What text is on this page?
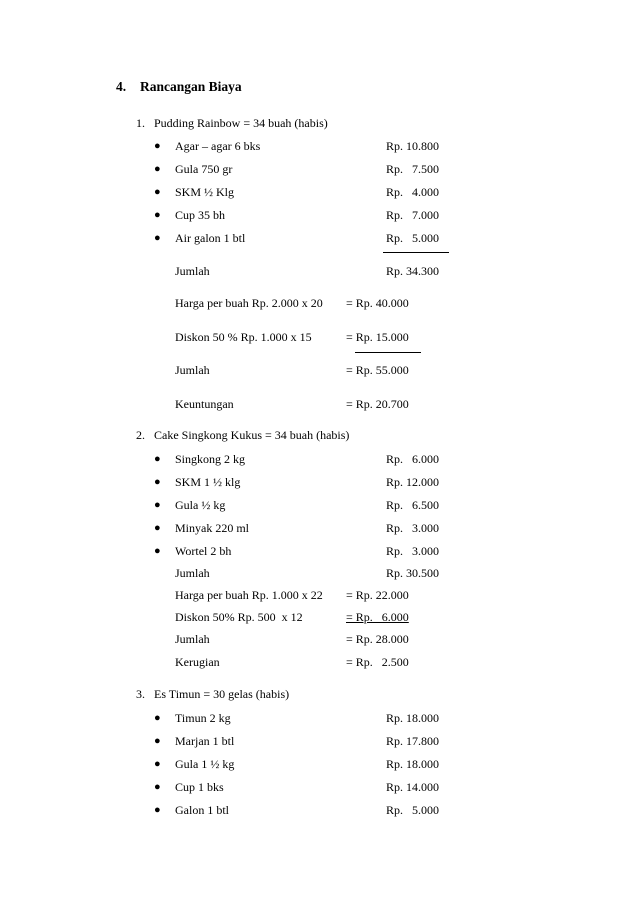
4. Rancangan Biaya
1.   Pudding Rainbow = 34 buah (habis)
● Agar – agar 6 bks	Rp. 10.800
● Gula 750 gr	Rp.   7.500
● SKM ½ Klg	Rp.   4.000
● Cup 35 bh	Rp.   7.000
● Air galon 1 btl	Rp.   5.000
Jumlah	Rp. 34.300
Harga per buah Rp. 2.000 x 20 = Rp. 40.000
Diskon 50 % Rp. 1.000 x 15	= Rp. 15.000
Jumlah	= Rp. 55.000
Keuntungan	= Rp. 20.700
2.   Cake Singkong Kukus = 34 buah (habis)
● Singkong 2 kg	Rp.   6.000
● SKM 1 ½ klg	Rp. 12.000
● Gula ½ kg	Rp.   6.500
● Minyak 220 ml	Rp.   3.000
● Wortel 2 bh	Rp.   3.000
Jumlah	Rp. 30.500
Harga per buah Rp. 1.000 x 22 = Rp. 22.000
Diskon 50% Rp. 500  x 12	= Rp.   6.000
Jumlah	= Rp. 28.000
Kerugian	= Rp.   2.500
3.   Es Timun = 30 gelas (habis)
● Timun 2 kg	Rp. 18.000
● Marjan 1 btl	Rp. 17.800
● Gula 1 ½ kg	Rp. 18.000
● Cup 1 bks	Rp. 14.000
● Galon 1 btl	Rp.   5.000
